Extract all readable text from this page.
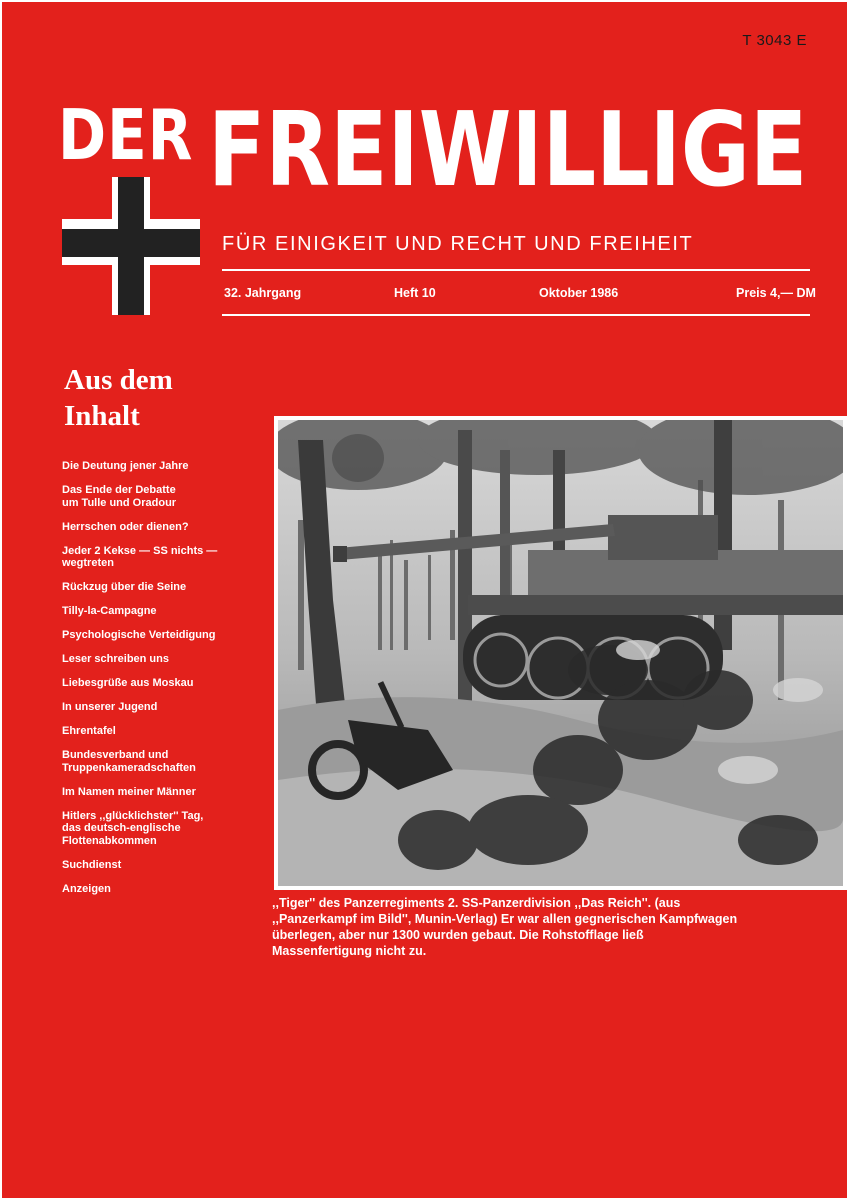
T 3043 E
DER FREIWILLIGE
FÜR EINIGKEIT UND RECHT UND FREIHEIT
32. Jahrgang	Heft 10	Oktober 1986	Preis 4,— DM
Aus dem
Inhalt
Die Deutung jener Jahre
Das Ende der Debatte um Tulle und Oradour
Herrschen oder dienen?
Jeder 2 Kekse — SS nichts — wegtreten
Rückzug über die Seine
Tilly-la-Campagne
Psychologische Verteidigung
Leser schreiben uns
Liebesgrüße aus Moskau
In unserer Jugend
Ehrentafel
Bundesverband und Truppenkameradschaften
Im Namen meiner Männer
Hitlers ,,glücklichster'' Tag, das deutsch-englische Flottenabkommen
Suchdienst
Anzeigen

,,Tiger'' des Panzerregiments 2. SS-Panzerdivision ,,Das Reich''. (aus ,,Panzerkampf im Bild'', Munin-Verlag) Er war allen gegnerischen Kampfwagen überlegen, aber nur 1300 wurden gebaut. Die Rohstofflage ließ Massenfertigung nicht zu.
